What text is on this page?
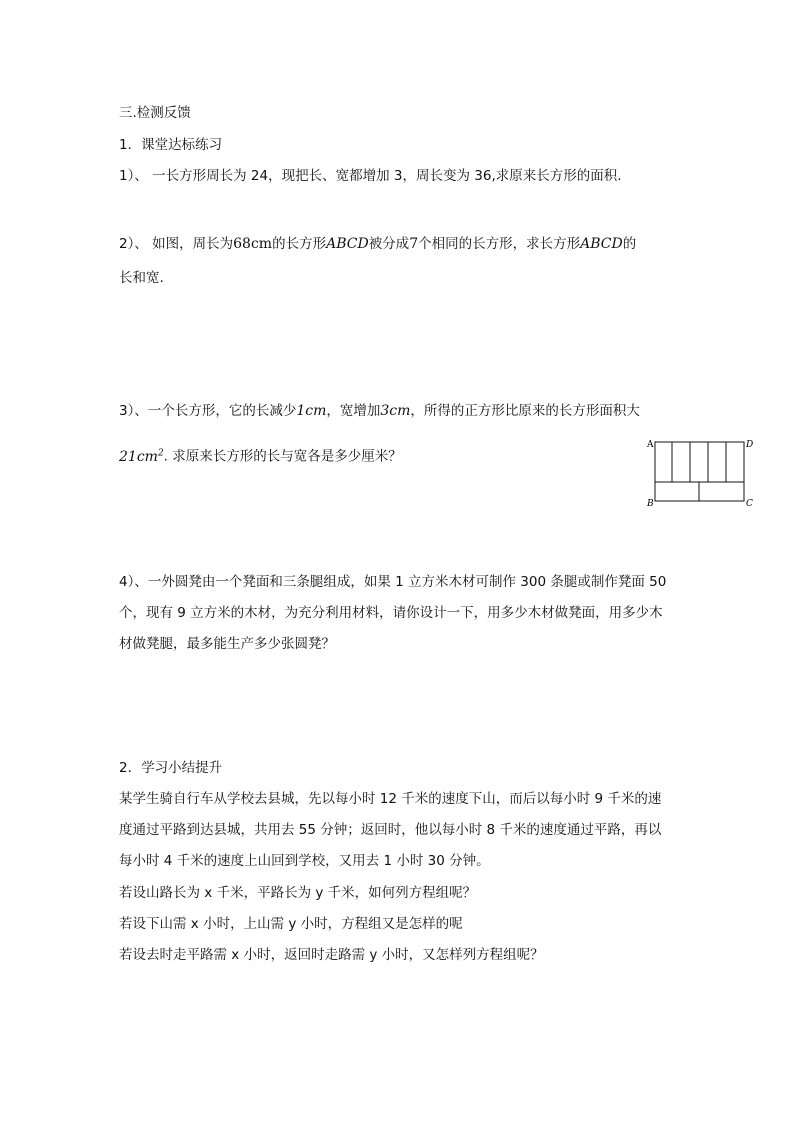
三.检测反馈
1．课堂达标练习
1）、 一长方形周长为 24，现把长、宽都增加 3，周长变为 36,求原来长方形的面积.
2）、 如图，周长为68cm的长方形ABCD被分成7个相同的长方形，求长方形ABCD的
长和宽.
3）、一个长方形，它的长减少1cm，宽增加3cm，所得的正方形比原来的长方形面积大
$21cm^2$. 求原来长方形的长与宽各是多少厘米？
A	D
B	C
4）、一外圆凳由一个凳面和三条腿组成，如果 1 立方米木材可制作 300 条腿或制作凳面 50
个，现有 9 立方米的木材，为充分利用材料，请你设计一下，用多少木材做凳面，用多少木
材做凳腿，最多能生产多少张圆凳？
2．学习小结提升
某学生骑自行车从学校去县城，先以每小时 12 千米的速度下山，而后以每小时 9 千米的速
度通过平路到达县城，共用去 55 分钟；返回时，他以每小时 8 千米的速度通过平路，再以
每小时 4 千米的速度上山回到学校，又用去 1 小时 30 分钟。
若设山路长为 x 千米，平路长为 y 千米，如何列方程组呢？
若设下山需 x 小时，上山需 y 小时，方程组又是怎样的呢
若设去时走平路需 x 小时，返回时走路需 y 小时，又怎样列方程组呢？
